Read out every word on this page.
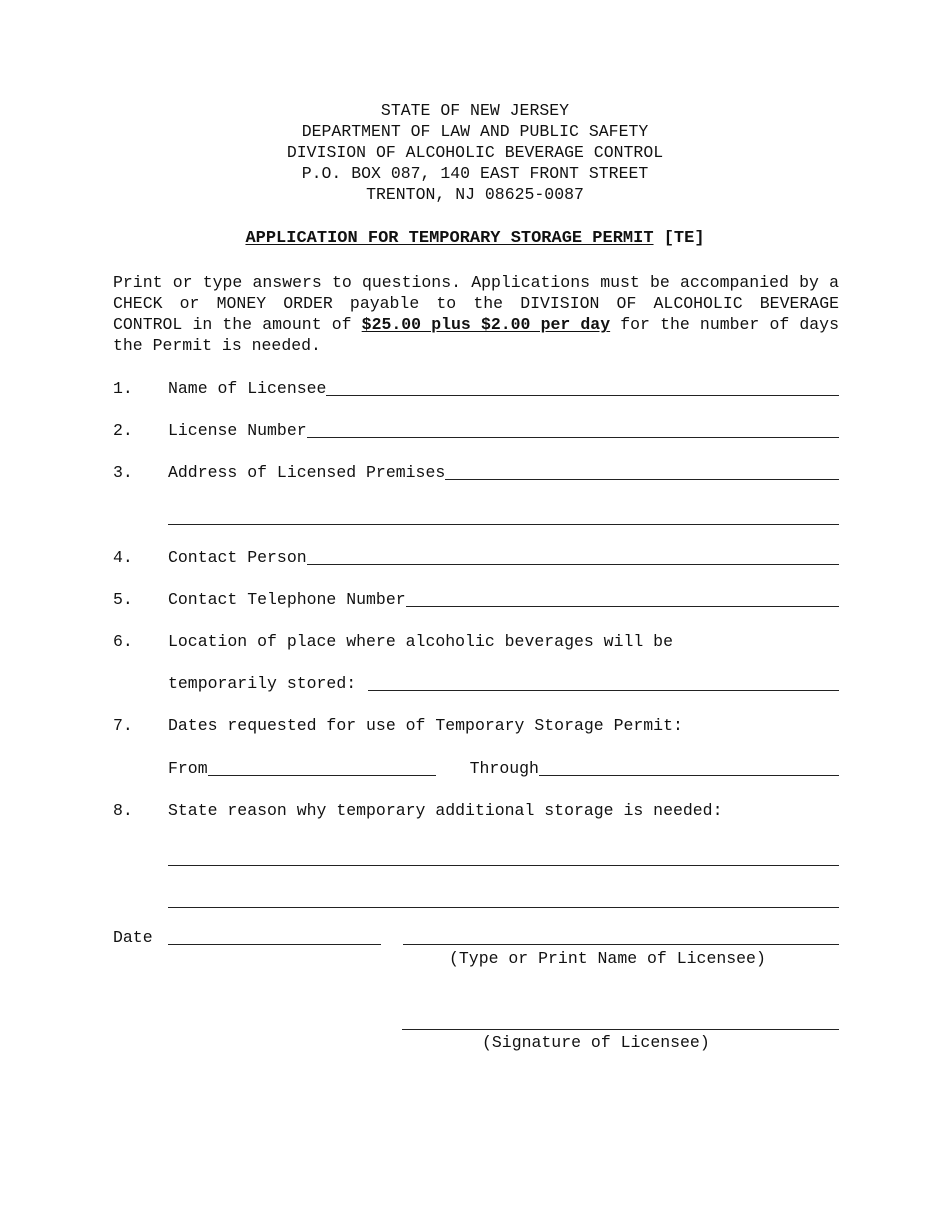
STATE OF NEW JERSEY
DEPARTMENT OF LAW AND PUBLIC SAFETY
DIVISION OF ALCOHOLIC BEVERAGE CONTROL
P.O. BOX 087, 140 EAST FRONT STREET
TRENTON, NJ 08625-0087
APPLICATION FOR TEMPORARY STORAGE PERMIT [TE]
Print or type answers to questions. Applications must be accompanied by a CHECK or MONEY ORDER payable to the DIVISION OF ALCOHOLIC BEVERAGE CONTROL in the amount of $25.00 plus $2.00 per day for the number of days the Permit is needed.
1.	Name of Licensee
2.	License Number
3.	Address of Licensed Premises
4.	Contact Person
5.	Contact Telephone Number
6.	Location of place where alcoholic beverages will be
temporarily stored:
7.	Dates requested for use of Temporary Storage Permit:
From	Through
8.	State reason why temporary additional storage is needed:
Date
(Type or Print Name of Licensee)
(Signature of Licensee)
